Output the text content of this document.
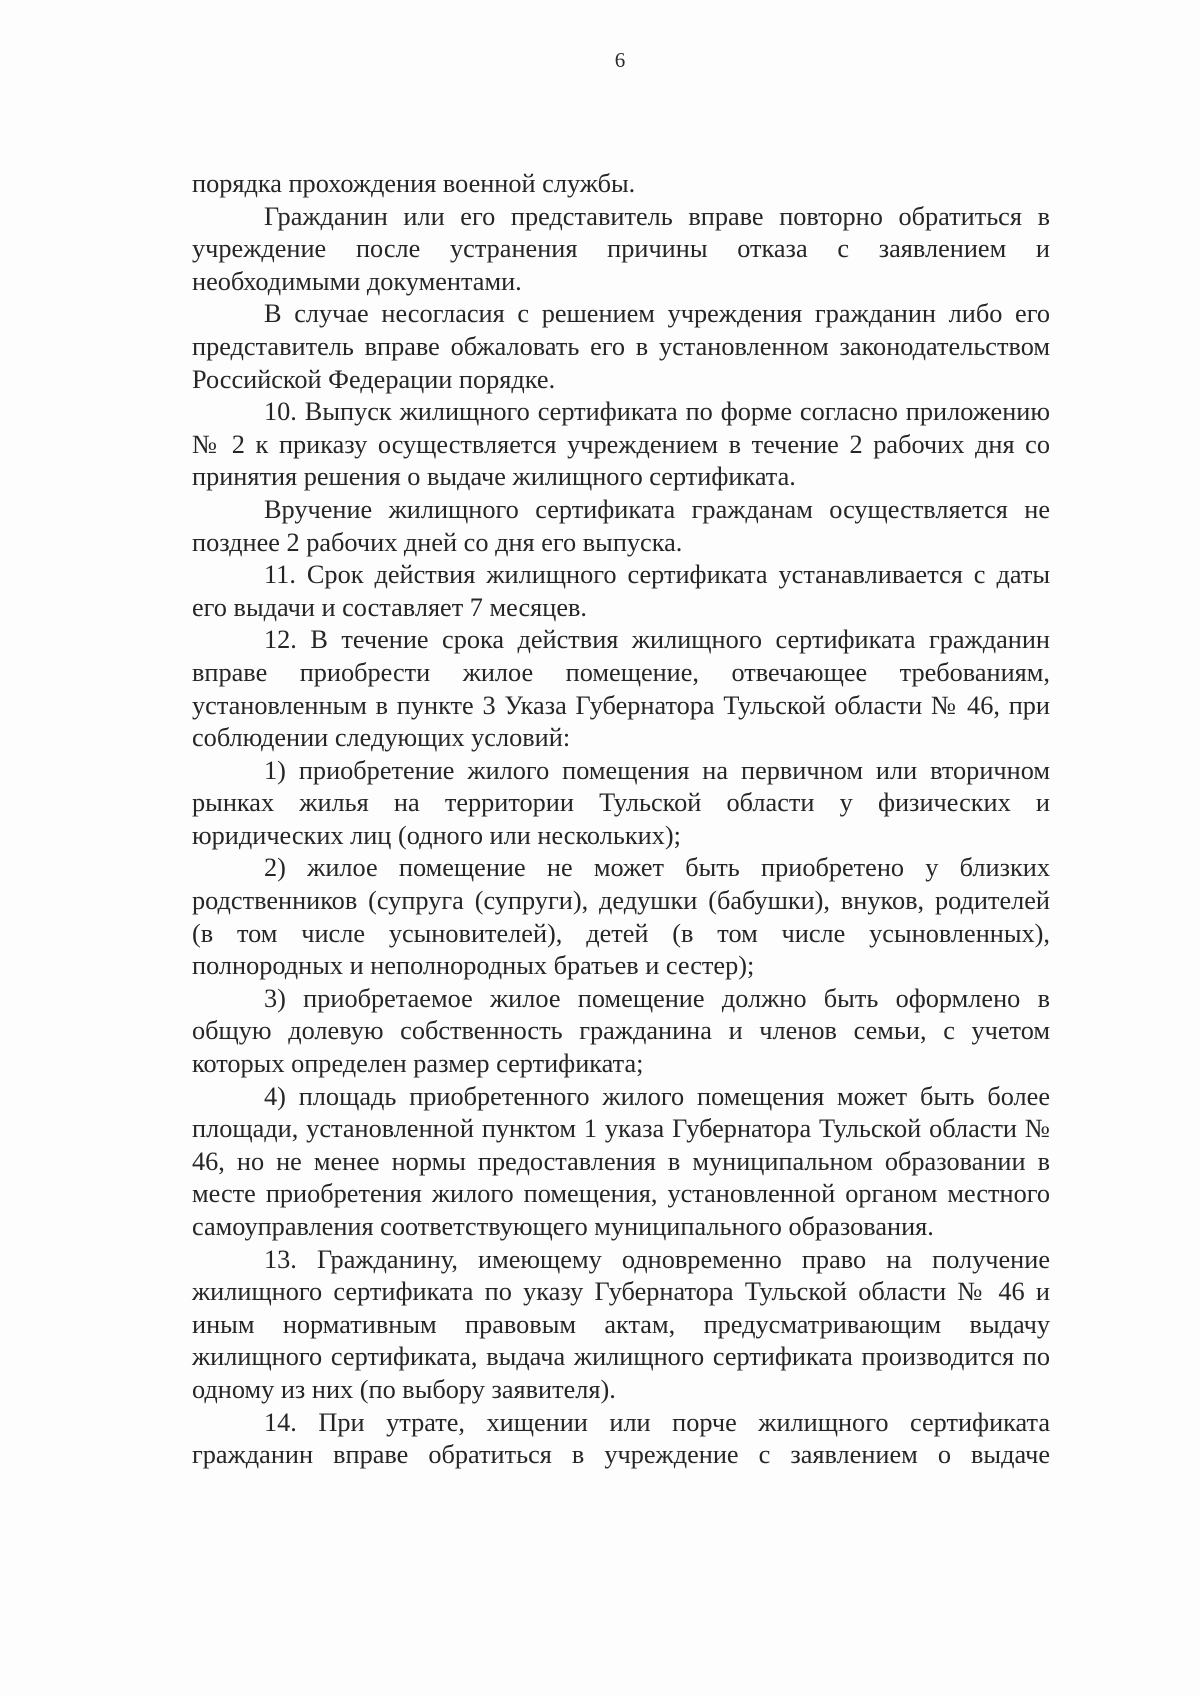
6

порядка прохождения военной службы.

Гражданин или его представитель вправе повторно обратиться в учреждение после устранения причины отказа с заявлением и необходимыми документами.

В случае несогласия с решением учреждения гражданин либо его представитель вправе обжаловать его в установленном законодательством Российской Федерации порядке.

10. Выпуск жилищного сертификата по форме согласно приложению № 2 к приказу осуществляется учреждением в течение 2 рабочих дня со принятия решения о выдаче жилищного сертификата.

Вручение жилищного сертификата гражданам осуществляется не позднее 2 рабочих дней со дня его выпуска.

11. Срок действия жилищного сертификата устанавливается с даты его выдачи и составляет 7 месяцев.

12. В течение срока действия жилищного сертификата гражданин вправе приобрести жилое помещение, отвечающее требованиям, установленным в пункте 3 Указа Губернатора Тульской области № 46, при соблюдении следующих условий:

1) приобретение жилого помещения на первичном или вторичном рынках жилья на территории Тульской области у физических и юридических лиц (одного или нескольких);

2) жилое помещение не может быть приобретено у близких родственников (супруга (супруги), дедушки (бабушки), внуков, родителей (в том числе усыновителей), детей (в том числе усыновленных), полнородных и неполнородных братьев и сестер);

3) приобретаемое жилое помещение должно быть оформлено в общую долевую собственность гражданина и членов семьи, с учетом которых определен размер сертификата;

4) площадь приобретенного жилого помещения может быть более площади, установленной пунктом 1 указа Губернатора Тульской области № 46, но не менее нормы предоставления в муниципальном образовании в месте приобретения жилого помещения, установленной органом местного самоуправления соответствующего муниципального образования.

13. Гражданину, имеющему одновременно право на получение жилищного сертификата по указу Губернатора Тульской области № 46 и иным нормативным правовым актам, предусматривающим выдачу жилищного сертификата, выдача жилищного сертификата производится по одному из них (по выбору заявителя).

14. При утрате, хищении или порче жилищного сертификата гражданин вправе обратиться в учреждение с заявлением о выдаче
